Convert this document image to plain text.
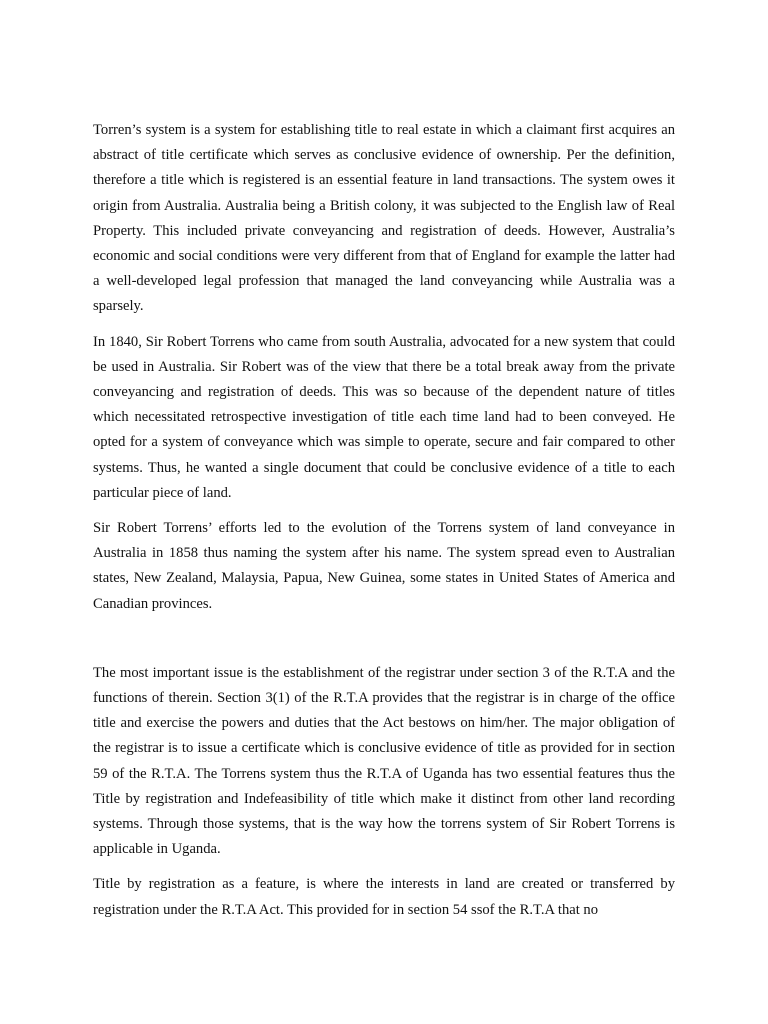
Torren’s system is a system for establishing title to real estate in which a claimant first acquires an abstract of title certificate which serves as conclusive evidence of ownership. Per the definition, therefore a title which is registered is an essential feature in land transactions. The system owes it origin from Australia. Australia being a British colony, it was subjected to the English law of Real Property. This included private conveyancing and registration of deeds. However, Australia’s economic and social conditions were very different from that of England for example the latter had a well-developed legal profession that managed the land conveyancing while Australia was a sparsely.

In 1840, Sir Robert Torrens who came from south Australia, advocated for a new system that could be used in Australia. Sir Robert was of the view that there be a total break away from the private conveyancing and registration of deeds. This was so because of the dependent nature of titles which necessitated retrospective investigation of title each time land had to been conveyed. He opted for a system of conveyance which was simple to operate, secure and fair compared to other systems. Thus, he wanted a single document that could be conclusive evidence of a title to each particular piece of land.

Sir Robert Torrens’ efforts led to the evolution of the Torrens system of land conveyance in Australia in 1858 thus naming the system after his name. The system spread even to Australian states, New Zealand, Malaysia, Papua, New Guinea, some states in United States of America and Canadian provinces.

The most important issue is the establishment of the registrar under section 3 of the R.T.A and the functions of therein. Section 3(1) of the R.T.A provides that the registrar is in charge of the office title and exercise the powers and duties that the Act bestows on him/her. The major obligation of the registrar is to issue a certificate which is conclusive evidence of title as provided for in section 59 of the R.T.A. The Torrens system thus the R.T.A of Uganda has two essential features thus the Title by registration and Indefeasibility of title which make it distinct from other land recording systems. Through those systems, that is the way how the torrens system of Sir Robert Torrens is applicable in Uganda.

Title by registration as a feature, is where the interests in land are created or transferred by registration under the R.T.A Act. This provided for in section 54 ssof the R.T.A that no
